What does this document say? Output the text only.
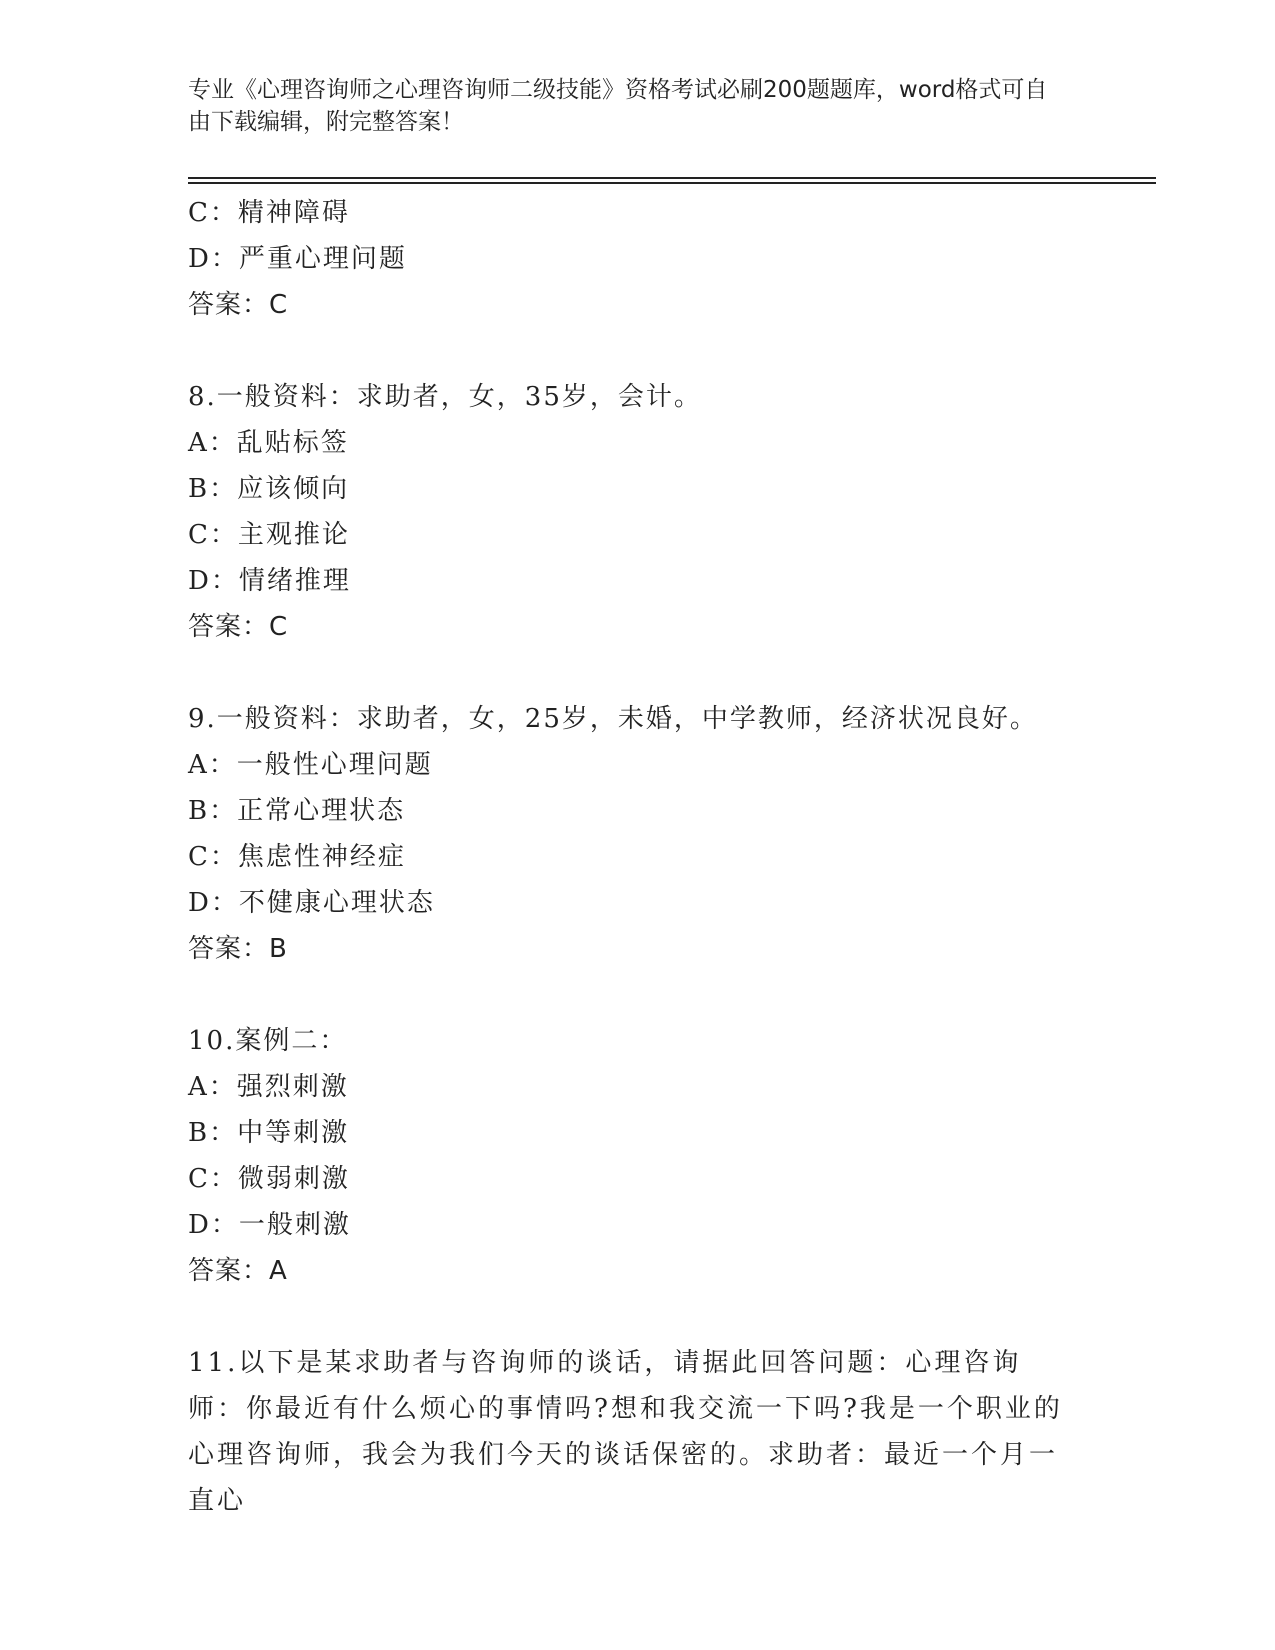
专业《心理咨询师之心理咨询师二级技能》资格考试必刷200题题库，word格式可自由下载编辑，附完整答案！
C：精神障碍
D：严重心理问题
答案：C
8.一般资料：求助者，女，35岁，会计。
A：乱贴标签
B：应该倾向
C：主观推论
D：情绪推理
答案：C
9.一般资料：求助者，女，25岁，未婚，中学教师，经济状况良好。
A：一般性心理问题
B：正常心理状态
C：焦虑性神经症
D：不健康心理状态
答案：B
10.案例二：
A：强烈刺激
B：中等刺激
C：微弱刺激
D：一般刺激
答案：A
11.以下是某求助者与咨询师的谈话，请据此回答问题：心理咨询师：你最近有什么烦心的事情吗?想和我交流一下吗?我是一个职业的心理咨询师，我会为我们今天的谈话保密的。求助者：最近一个月一直心
